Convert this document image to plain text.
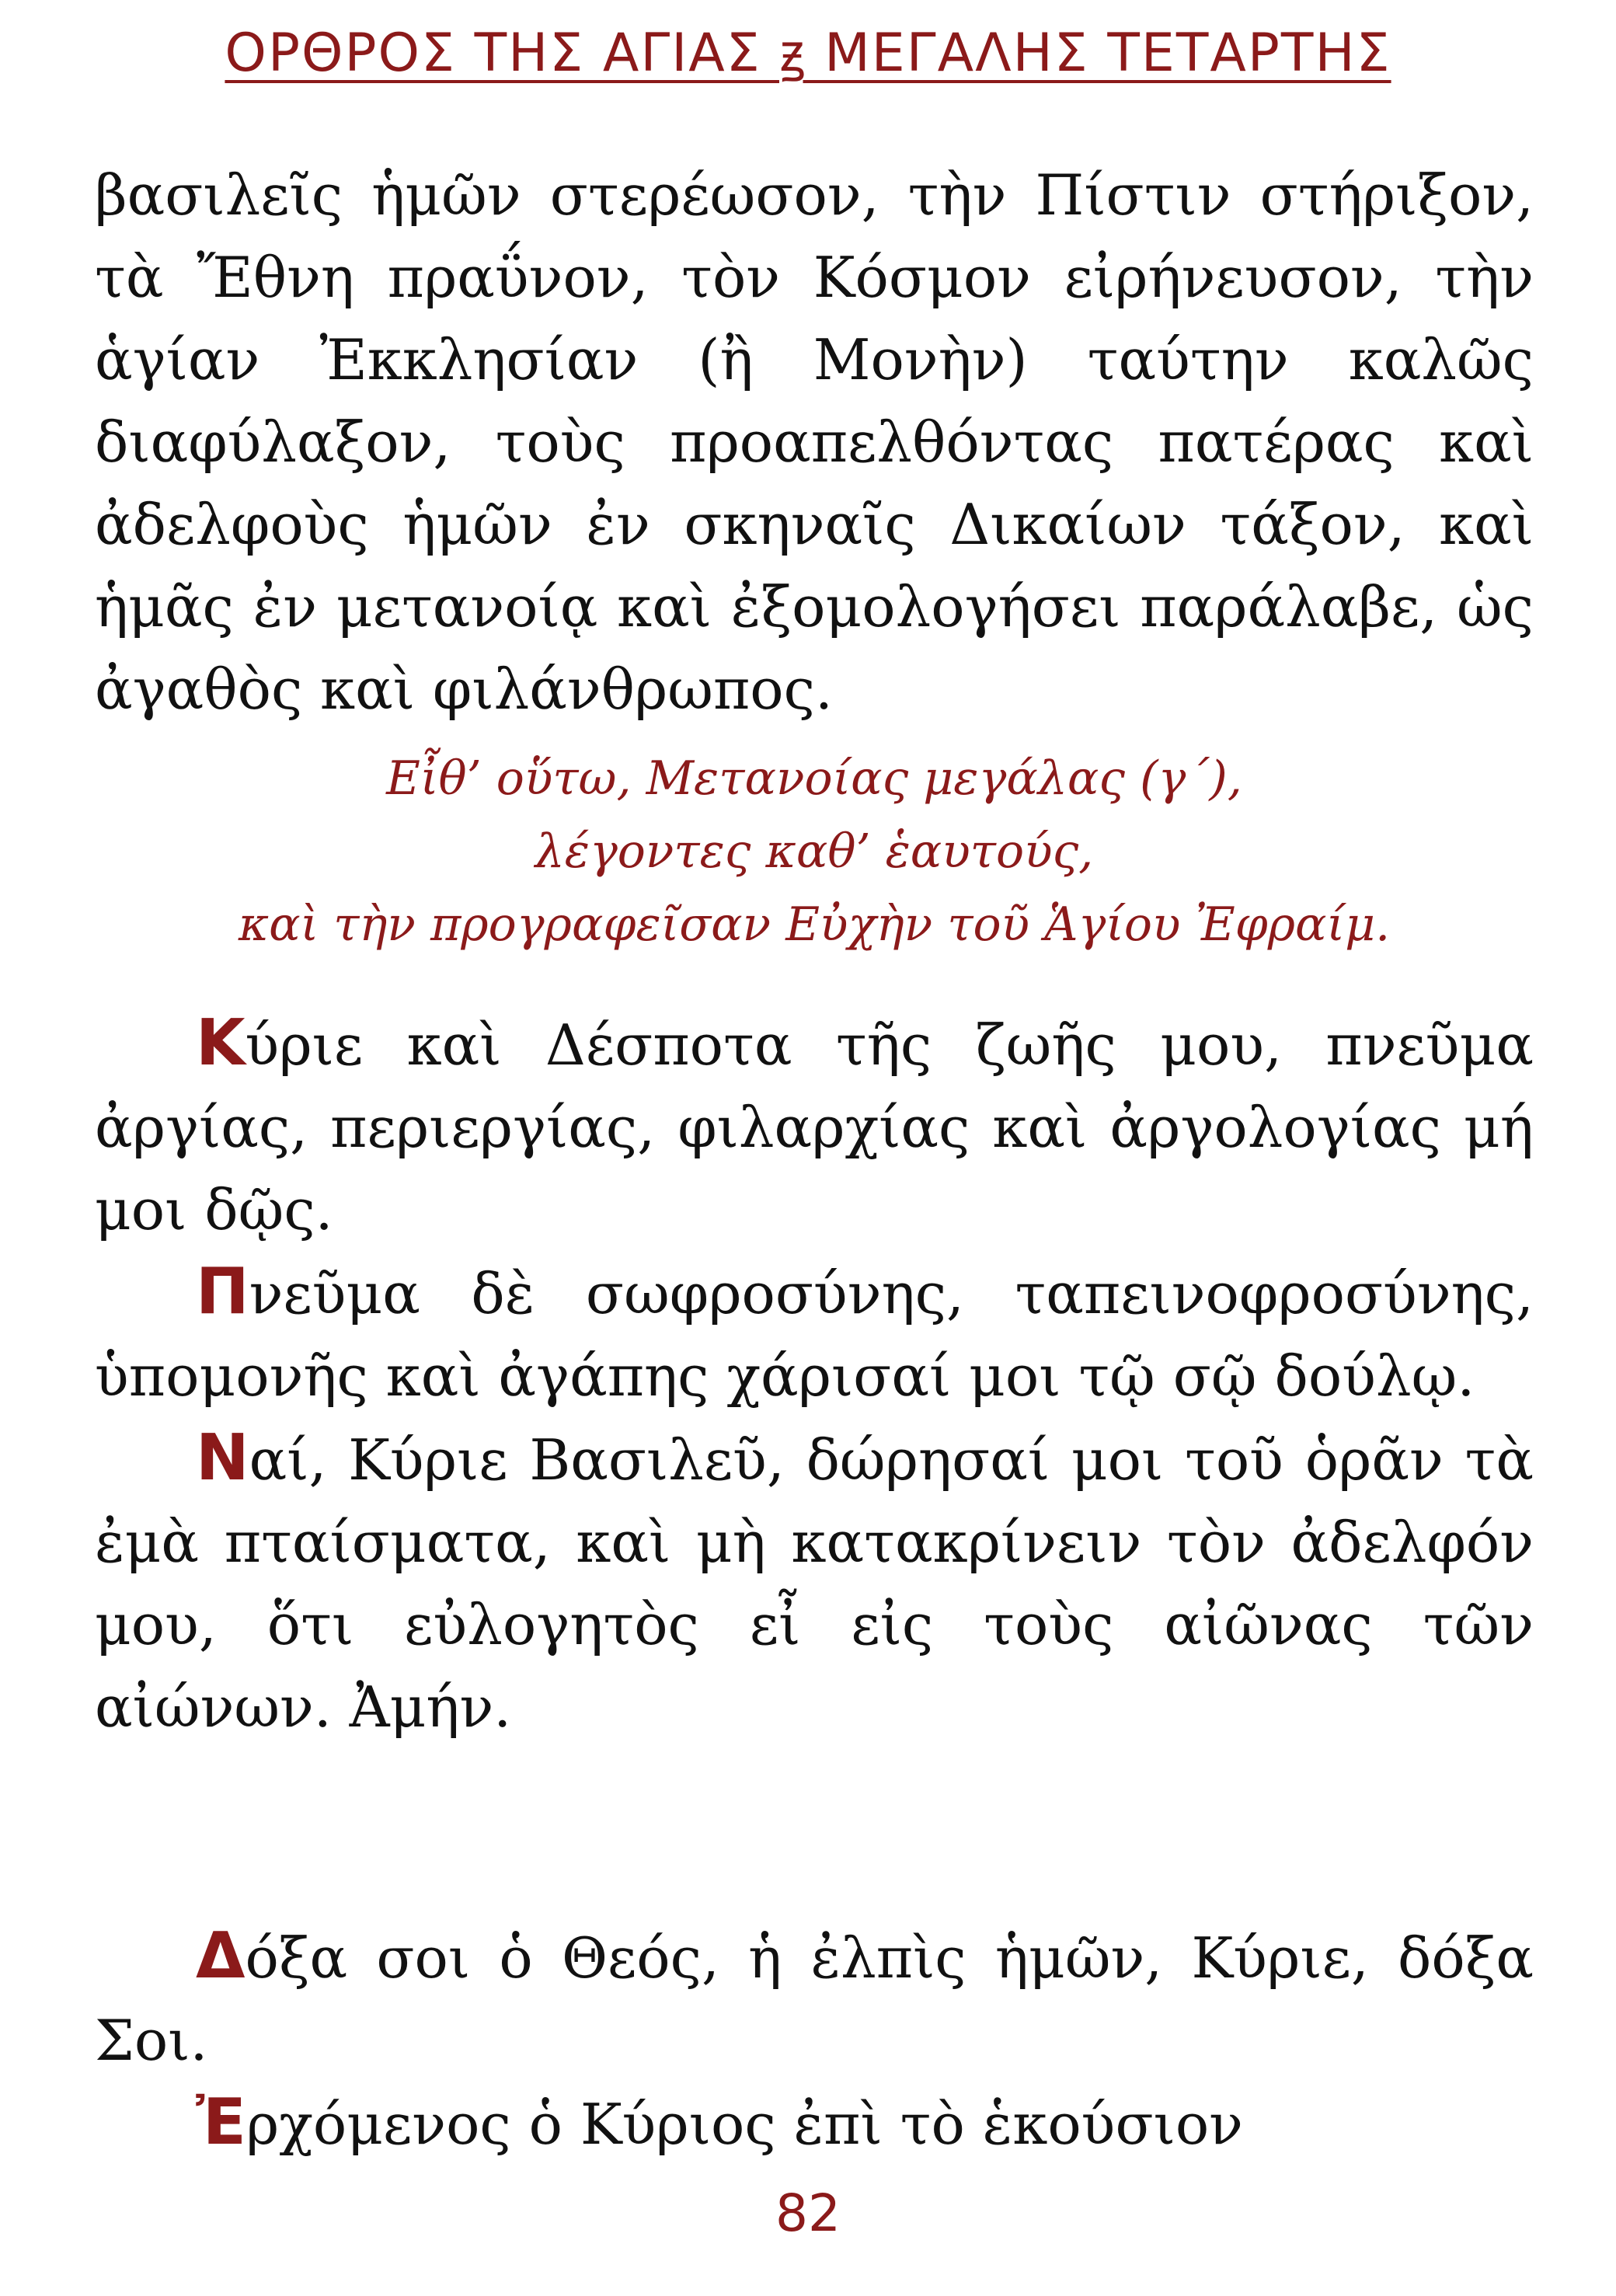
ΟΡΘΡΟΣ ΤΗΣ ΑΓΙΑΣ ꙃ ΜΕΓΑΛΗΣ ΤΕΤΑΡΤΗΣ

βασιλεῖς ἡμῶν στερέωσον, τὴν Πίστιν στήριξον, τὰ Ἔθνη πραΰνον, τὸν Κόσμον εἰρήνευσον, τὴν ἁγίαν Ἐκκλησίαν (ἢ Μονὴν) ταύτην καλῶς διαφύλαξον, τοὺς προαπελθόντας πατέρας καὶ ἀδελφοὺς ἡμῶν ἐν σκηναῖς Δικαίων τάξον, καὶ ἡμᾶς ἐν μετανοίᾳ καὶ ἐξομολογήσει παράλαβε, ὡς ἀγαθὸς καὶ φιλάνθρωπος.

Εἶθ’ οὕτω, Μετανοίας μεγάλας (γ΄),
λέγοντες καθ’ ἑαυτούς,
καὶ τὴν προγραφεῖσαν Εὐχὴν τοῦ Ἁγίου Ἐφραίμ.

Κύριε καὶ Δέσποτα τῆς ζωῆς μου, πνεῦμα ἀργίας, περιεργίας, φιλαρχίας καὶ ἀργολογίας μή μοι δῷς.

Πνεῦμα δὲ σωφροσύνης, ταπεινοφροσύνης, ὑπομονῆς καὶ ἀγάπης χάρισαί μοι τῷ σῷ δούλῳ.

Ναί, Κύριε Βασιλεῦ, δώρησαί μοι τοῦ ὁρᾶν τὰ ἐμὰ πταίσματα, καὶ μὴ κατακρίνειν τὸν ἀδελφόν μου, ὅτι εὐλογητὸς εἶ εἰς τοὺς αἰῶνας τῶν αἰώνων. Ἀμήν.

Δόξα σοι ὁ Θεός, ἡ ἐλπὶς ἡμῶν, Κύριε, δόξα Σοι.

Ἐρχόμενος ὁ Κύριος ἐπὶ τὸ ἑκούσιον

82
